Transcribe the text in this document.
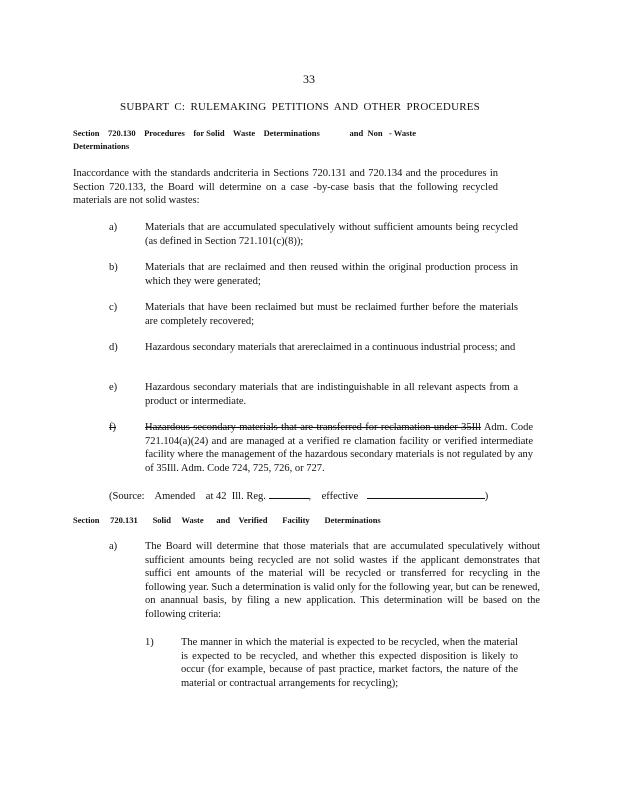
33
SUBPART C: RULEMAKING PETITIONS AND OTHER PROCEDURES
Section    720.130    Procedures    for Solid    Waste    Determinations              and  Non   - Waste
Determinations
Inaccordance with the standards andcriteria in Sections 720.131 and 720.134 and the procedures in Section 720.133, the Board will determine on a case -by-case basis that the following recycled materials are not solid wastes:
a)	Materials that are accumulated speculatively without sufficient amounts being recycled (as defined in Section 721.101(c)(8));
b)	Materials that are reclaimed and then reused within the original production process in which they were generated;
c)	Materials that have been reclaimed but must be reclaimed further before the materials are completely recovered;
d)	Hazardous secondary materials that arereclaimed in a continuous industrial process; and
e)	Hazardous secondary materials that are indistinguishable in all relevant aspects from a product or intermediate.
f)	Hazardous secondary materials that are transferred for reclamation under 35Ill Adm. Code 721.104(a)(24) and are managed at a verified re clamation facility or verified intermediate facility where the management of the hazardous secondary materials is not regulated by any of 35Ill. Adm. Code 724, 725, 726, or 727.
(Source:    Amended    at 42  Ill. Reg.	,    effective	)
Section     720.131       Solid     Waste      and    Verified       Facility       Determinations
a)	The Board will determine that those materials that are accumulated speculatively without sufficient amounts being recycled are not solid wastes if the applicant demonstrates that suffici ent amounts of the material will be recycled or transferred for recycling in the following year. Such a determination is valid only for the following year, but can be renewed, on anannual basis, by filing a new application. This determination will be based on the following criteria:
1)	The manner in which the material is expected to be recycled, when the material is expected to be recycled, and whether this expected disposition is likely to occur (for example, because of past practice, market factors, the nature of the material or contractual arrangements for recycling);
